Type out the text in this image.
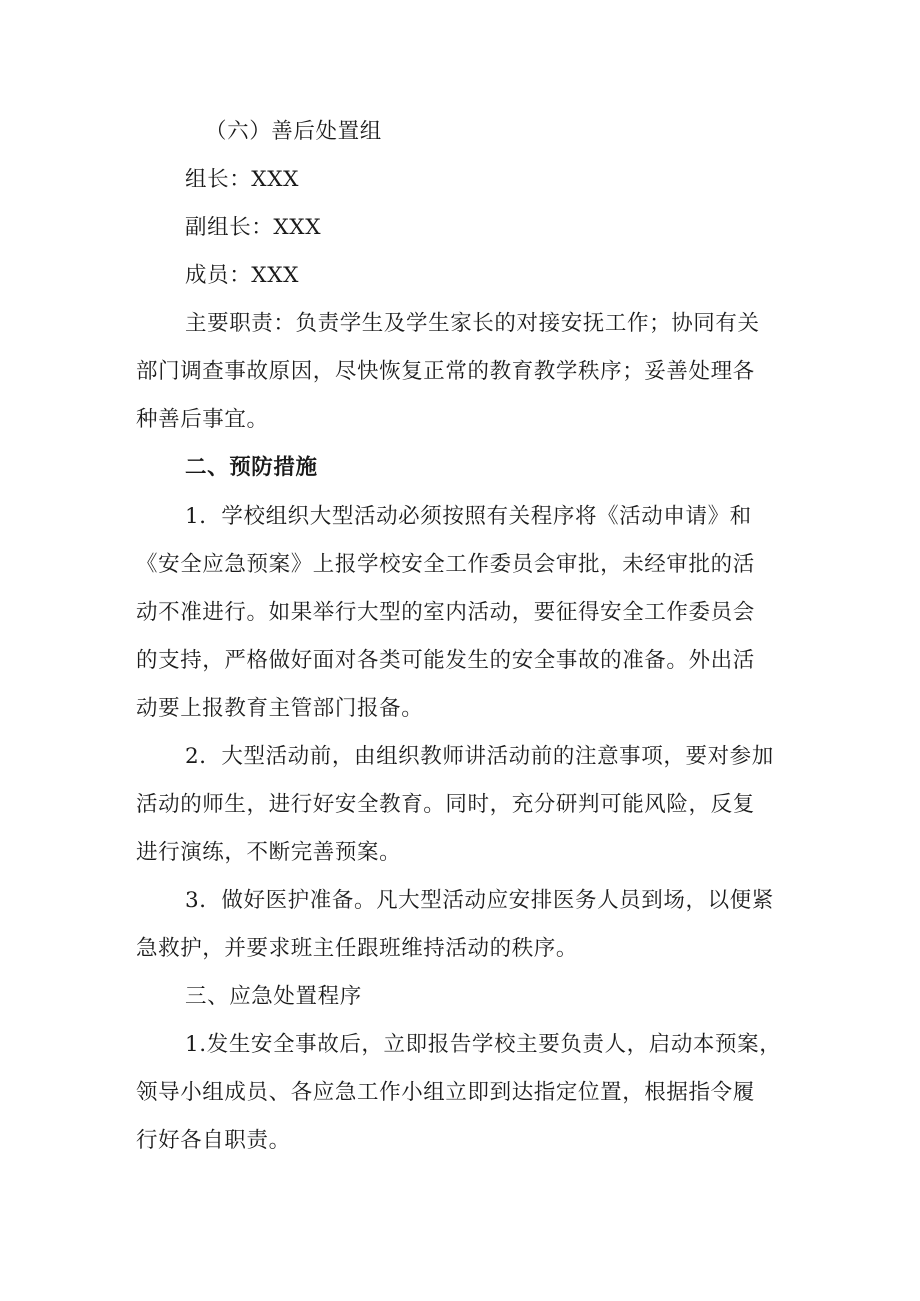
（六）善后处置组
组长：XXX
副组长：XXX
成员：XXX
主要职责：负责学生及学生家长的对接安抚工作；协同有关
部门调查事故原因，尽快恢复正常的教育教学秩序；妥善处理各
种善后事宜。
二、预防措施
1．学校组织大型活动必须按照有关程序将《活动申请》和
《安全应急预案》上报学校安全工作委员会审批，未经审批的活
动不准进行。如果举行大型的室内活动，要征得安全工作委员会
的支持，严格做好面对各类可能发生的安全事故的准备。外出活
动要上报教育主管部门报备。
2．大型活动前，由组织教师讲活动前的注意事项，要对参加
活动的师生，进行好安全教育。同时，充分研判可能风险，反复
进行演练，不断完善预案。
3．做好医护准备。凡大型活动应安排医务人员到场，以便紧
急救护，并要求班主任跟班维持活动的秩序。
三、应急处置程序
1.发生安全事故后，立即报告学校主要负责人，启动本预案，
领导小组成员、各应急工作小组立即到达指定位置，根据指令履
行好各自职责。
